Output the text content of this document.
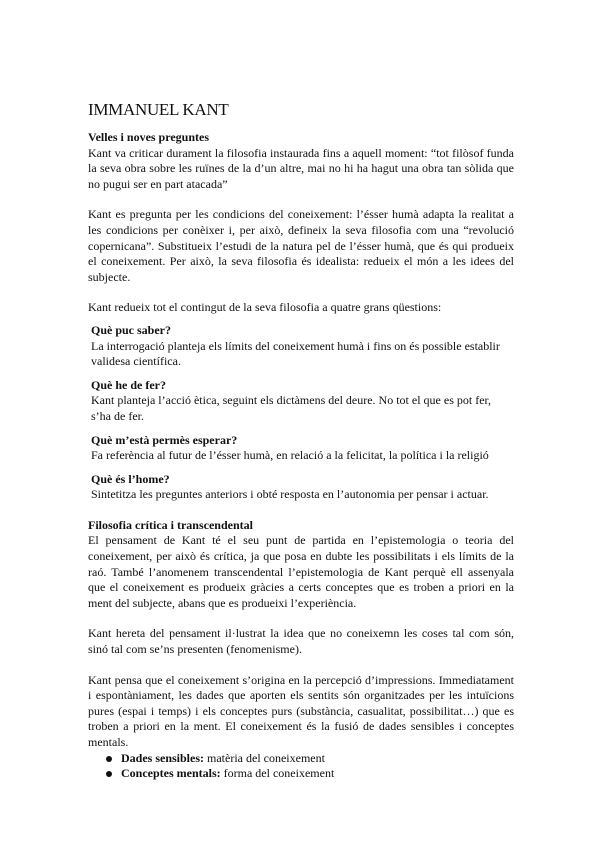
IMMANUEL KANT

Velles i noves preguntes

Kant va criticar durament la filosofia instaurada fins a aquell moment: “tot filòsof funda la seva obra sobre les ruïnes de la d’un altre, mai no hi ha hagut una obra tan sòlida que no pugui ser en part atacada”

Kant es pregunta per les condicions del coneixement: l’ésser humà adapta la realitat a les condicions per conèixer i, per això, defineix la seva filosofia com una “revolució copernicana”. Substitueix l’estudi de la natura pel de l’ésser humà, que és qui produeix el coneixement. Per això, la seva filosofia és idealista: redueix el món a les idees del subjecte.

Kant redueix tot el contingut de la seva filosofia a quatre grans qüestions:

Què puc saber?

La interrogació planteja els límits del coneixement humà i fins on és possible establir validesa científica.

Què he de fer?

Kant planteja l’acció ètica, seguint els dictàmens del deure. No tot el que es pot fer, s’ha de fer.

Què m’està permès esperar?

Fa referència al futur de l’ésser humà, en relació a la felicitat, la política i la religió

Què és l’home?

Sintetitza les preguntes anteriors i obté resposta en l’autonomia per pensar i actuar.

Filosofia crítica i transcendental

El pensament de Kant té el seu punt de partida en l’epistemologia o teoria del coneixement, per això és crítica, ja que posa en dubte les possibilitats i els límits de la raó. També l’anomenem transcendental l’epistemologia de Kant perquè ell assenyala que el coneixement es produeix gràcies a certs conceptes que es troben a priori en la ment del subjecte, abans que es produeixi l’experiència.

Kant hereta del pensament il·lustrat la idea que no coneixemn les coses tal com són, sinó tal com se’ns presenten (fenomenisme).

Kant pensa que el coneixement s’origina en la percepció d’impressions. Immediatament i espontàniament, les dades que aporten els sentits són organitzades per les intuïcions pures (espai i temps) i els conceptes purs (substància, casualitat, possibilitat…) que es troben a priori en la ment. El coneixement és la fusió de dades sensibles i conceptes mentals.

Dades sensibles: matèria del coneixement
Conceptes mentals: forma del coneixement
